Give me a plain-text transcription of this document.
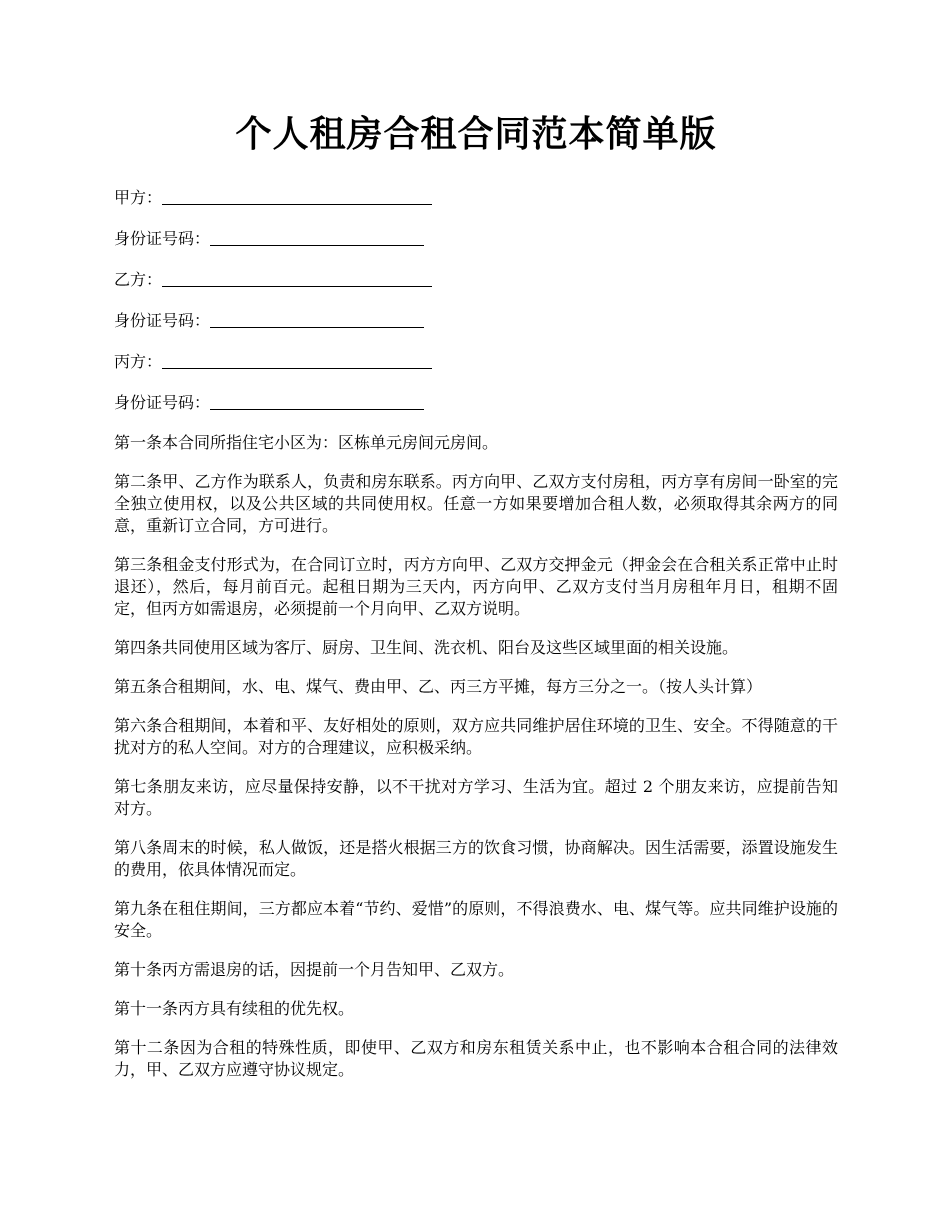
个人租房合租合同范本简单版
甲方：
身份证号码：
乙方：
身份证号码：
丙方：
身份证号码：

第一条本合同所指住宅小区为：区栋单元房间元房间。

第二条甲、乙方作为联系人，负责和房东联系。丙方向甲、乙双方支付房租，丙方享有房间一卧室的完全独立使用权，以及公共区域的共同使用权。任意一方如果要增加合租人数，必须取得其余两方的同意，重新订立合同，方可进行。

第三条租金支付形式为，在合同订立时，丙方方向甲、乙双方交押金元（押金会在合租关系正常中止时退还），然后，每月前百元。起租日期为三天内，丙方向甲、乙双方支付当月房租年月日，租期不固定，但丙方如需退房，必须提前一个月向甲、乙双方说明。

第四条共同使用区域为客厅、厨房、卫生间、洗衣机、阳台及这些区域里面的相关设施。

第五条合租期间，水、电、煤气、费由甲、乙、丙三方平摊，每方三分之一。（按人头计算）

第六条合租期间，本着和平、友好相处的原则，双方应共同维护居住环境的卫生、安全。不得随意的干扰对方的私人空间。对方的合理建议，应积极采纳。

第七条朋友来访，应尽量保持安静，以不干扰对方学习、生活为宜。超过 2 个朋友来访，应提前告知对方。

第八条周末的时候，私人做饭，还是搭火根据三方的饮食习惯，协商解决。因生活需要，添置设施发生的费用，依具体情况而定。

第九条在租住期间，三方都应本着“节约、爱惜”的原则，不得浪费水、电、煤气等。应共同维护设施的安全。

第十条丙方需退房的话，因提前一个月告知甲、乙双方。

第十一条丙方具有续租的优先权。

第十二条因为合租的特殊性质，即使甲、乙双方和房东租赁关系中止，也不影响本合租合同的法律效力，甲、乙双方应遵守协议规定。
